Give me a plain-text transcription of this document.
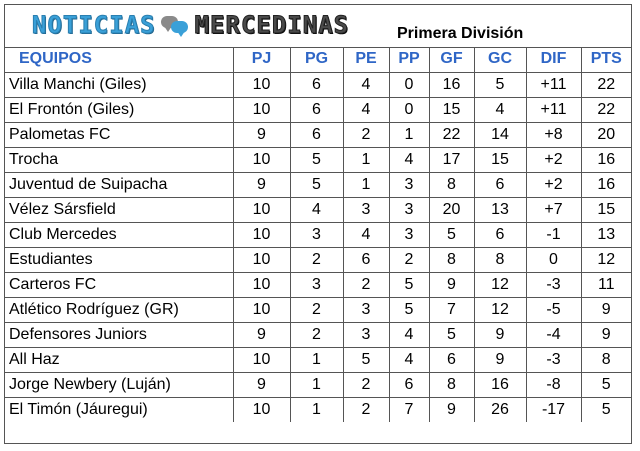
NOTICIAS MERCEDINAS	Primera División
EQUIPOS	PJ	PG	PE	PP	GF	GC	DIF	PTS
Villa Manchi (Giles)	10	6	4	0	16	5	+11	22
El Frontón (Giles)	10	6	4	0	15	4	+11	22
Palometas FC	9	6	2	1	22	14	+8	20
Trocha	10	5	1	4	17	15	+2	16
Juventud de Suipacha	9	5	1	3	8	6	+2	16
Vélez Sársfield	10	4	3	3	20	13	+7	15
Club Mercedes	10	3	4	3	5	6	-1	13
Estudiantes	10	2	6	2	8	8	0	12
Carteros FC	10	3	2	5	9	12	-3	11
Atlético Rodríguez (GR)	10	2	3	5	7	12	-5	9
Defensores Juniors	9	2	3	4	5	9	-4	9
All Haz	10	1	5	4	6	9	-3	8
Jorge Newbery (Luján)	9	1	2	6	8	16	-8	5
El Timón (Jáuregui)	10	1	2	7	9	26	-17	5
